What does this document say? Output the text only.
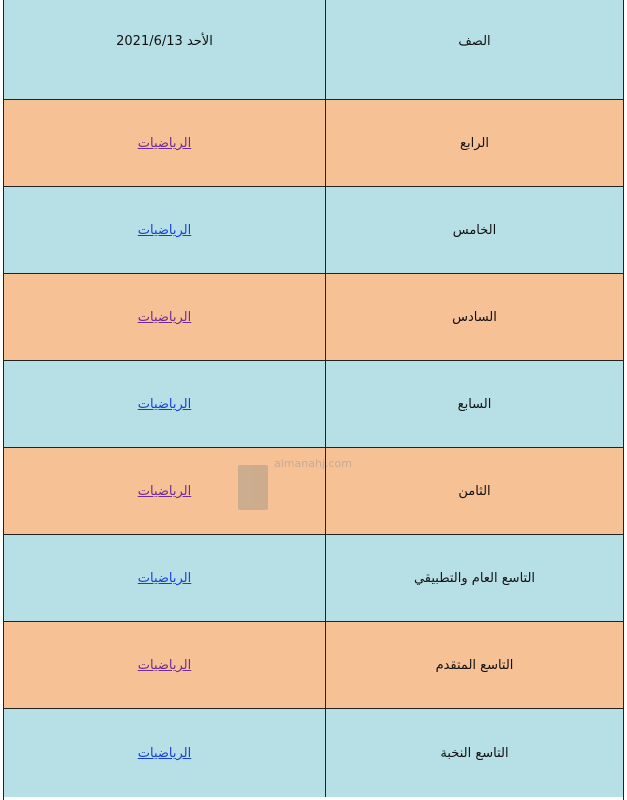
الأحد 2021/6/13	الصف
الرياضيات	الرابع
الرياضيات	الخامس
الرياضيات	السادس
الرياضيات	السابع
الرياضيات	الثامن
الرياضيات	التاسع العام والتطبيقي
الرياضيات	التاسع المتقدم
الرياضيات	التاسع النخبة
almanahj.com
